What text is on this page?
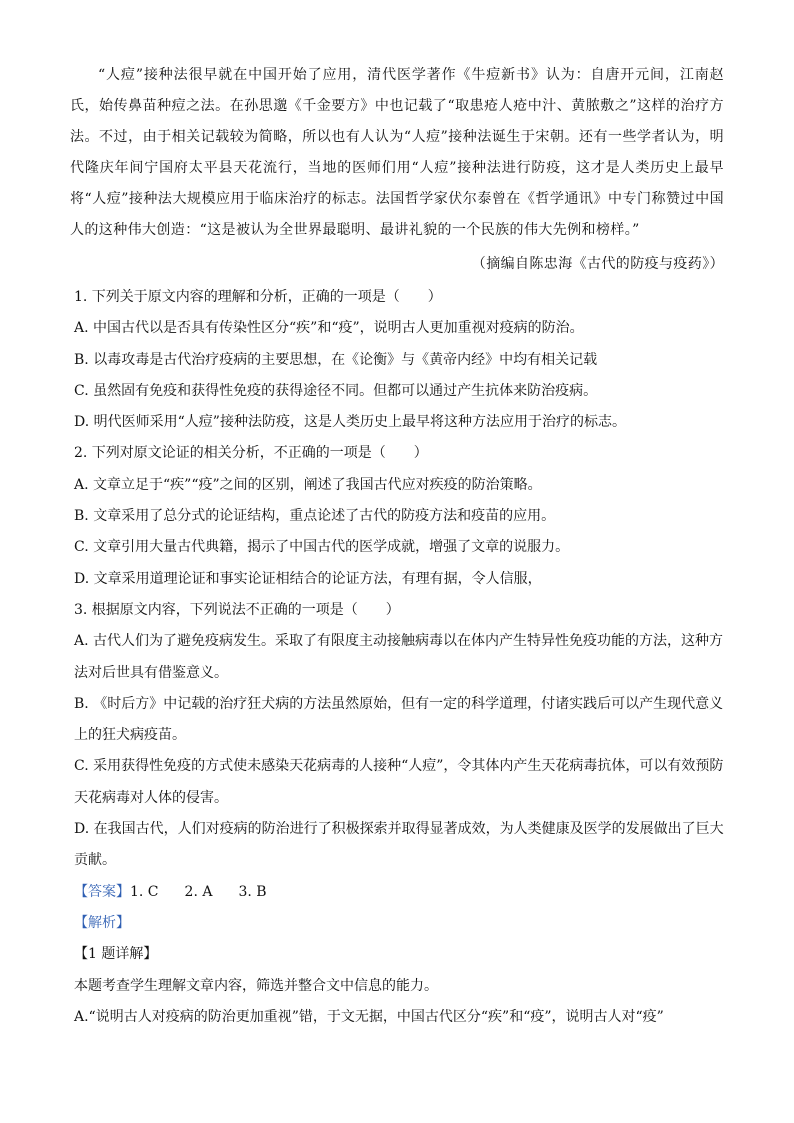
“人痘”接种法很早就在中国开始了应用，清代医学著作《牛痘新书》认为：自唐开元间，江南赵氏，始传鼻苗种痘之法。在孙思邈《千金要方》中也记载了“取患疮人疮中汁、黄脓敷之”这样的治疗方法。不过，由于相关记载较为简略，所以也有人认为“人痘”接种法诞生于宋朝。还有一些学者认为，明代隆庆年间宁国府太平县天花流行，当地的医师们用“人痘”接种法进行防疫，这才是人类历史上最早将“人痘”接种法大规模应用于临床治疗的标志。法国哲学家伏尔泰曾在《哲学通讯》中专门称赞过中国人的这种伟大创造：“这是被认为全世界最聪明、最讲礼貌的一个民族的伟大先例和榜样。”

（摘编自陈忠海《古代的防疫与疫药》）
1. 下列关于原文内容的理解和分析，正确的一项是（　　）
A. 中国古代以是否具有传染性区分“疾”和“疫”，说明古人更加重视对疫病的防治。
B. 以毒攻毒是古代治疗疫病的主要思想，在《论衡》与《黄帝内经》中均有相关记载
C. 虽然固有免疫和获得性免疫的获得途径不同。但都可以通过产生抗体来防治疫病。
D. 明代医师采用“人痘”接种法防疫，这是人类历史上最早将这种方法应用于治疗的标志。
2. 下列对原文论证的相关分析，不正确的一项是（　　）
A. 文章立足于“疾”“疫”之间的区别，阐述了我国古代应对疾疫的防治策略。
B. 文章采用了总分式的论证结构，重点论述了古代的防疫方法和疫苗的应用。
C. 文章引用大量古代典籍，揭示了中国古代的医学成就，增强了文章的说服力。
D. 文章采用道理论证和事实论证相结合的论证方法，有理有据，令人信服，
3. 根据原文内容，下列说法不正确的一项是（　　）
A. 古代人们为了避免疫病发生。采取了有限度主动接触病毒以在体内产生特异性免疫功能的方法，这种方法对后世具有借鉴意义。
B. 《时后方》中记载的治疗狂犬病的方法虽然原始，但有一定的科学道理，付诸实践后可以产生现代意义上的狂犬病疫苗。
C. 采用获得性免疫的方式使未感染天花病毒的人接种“人痘”，令其体内产生天花病毒抗体，可以有效预防天花病毒对人体的侵害。
D. 在我国古代，人们对疫病的防治进行了积极探索并取得显著成效，为人类健康及医学的发展做出了巨大贡献。
【答案】1. C 2. A 3. B
【解析】
【1 题详解】
本题考查学生理解文章内容，筛选并整合文中信息的能力。
A.“说明古人对疫病的防治更加重视”错，于文无据，中国古代区分“疾”和“疫”，说明古人对“疫”
